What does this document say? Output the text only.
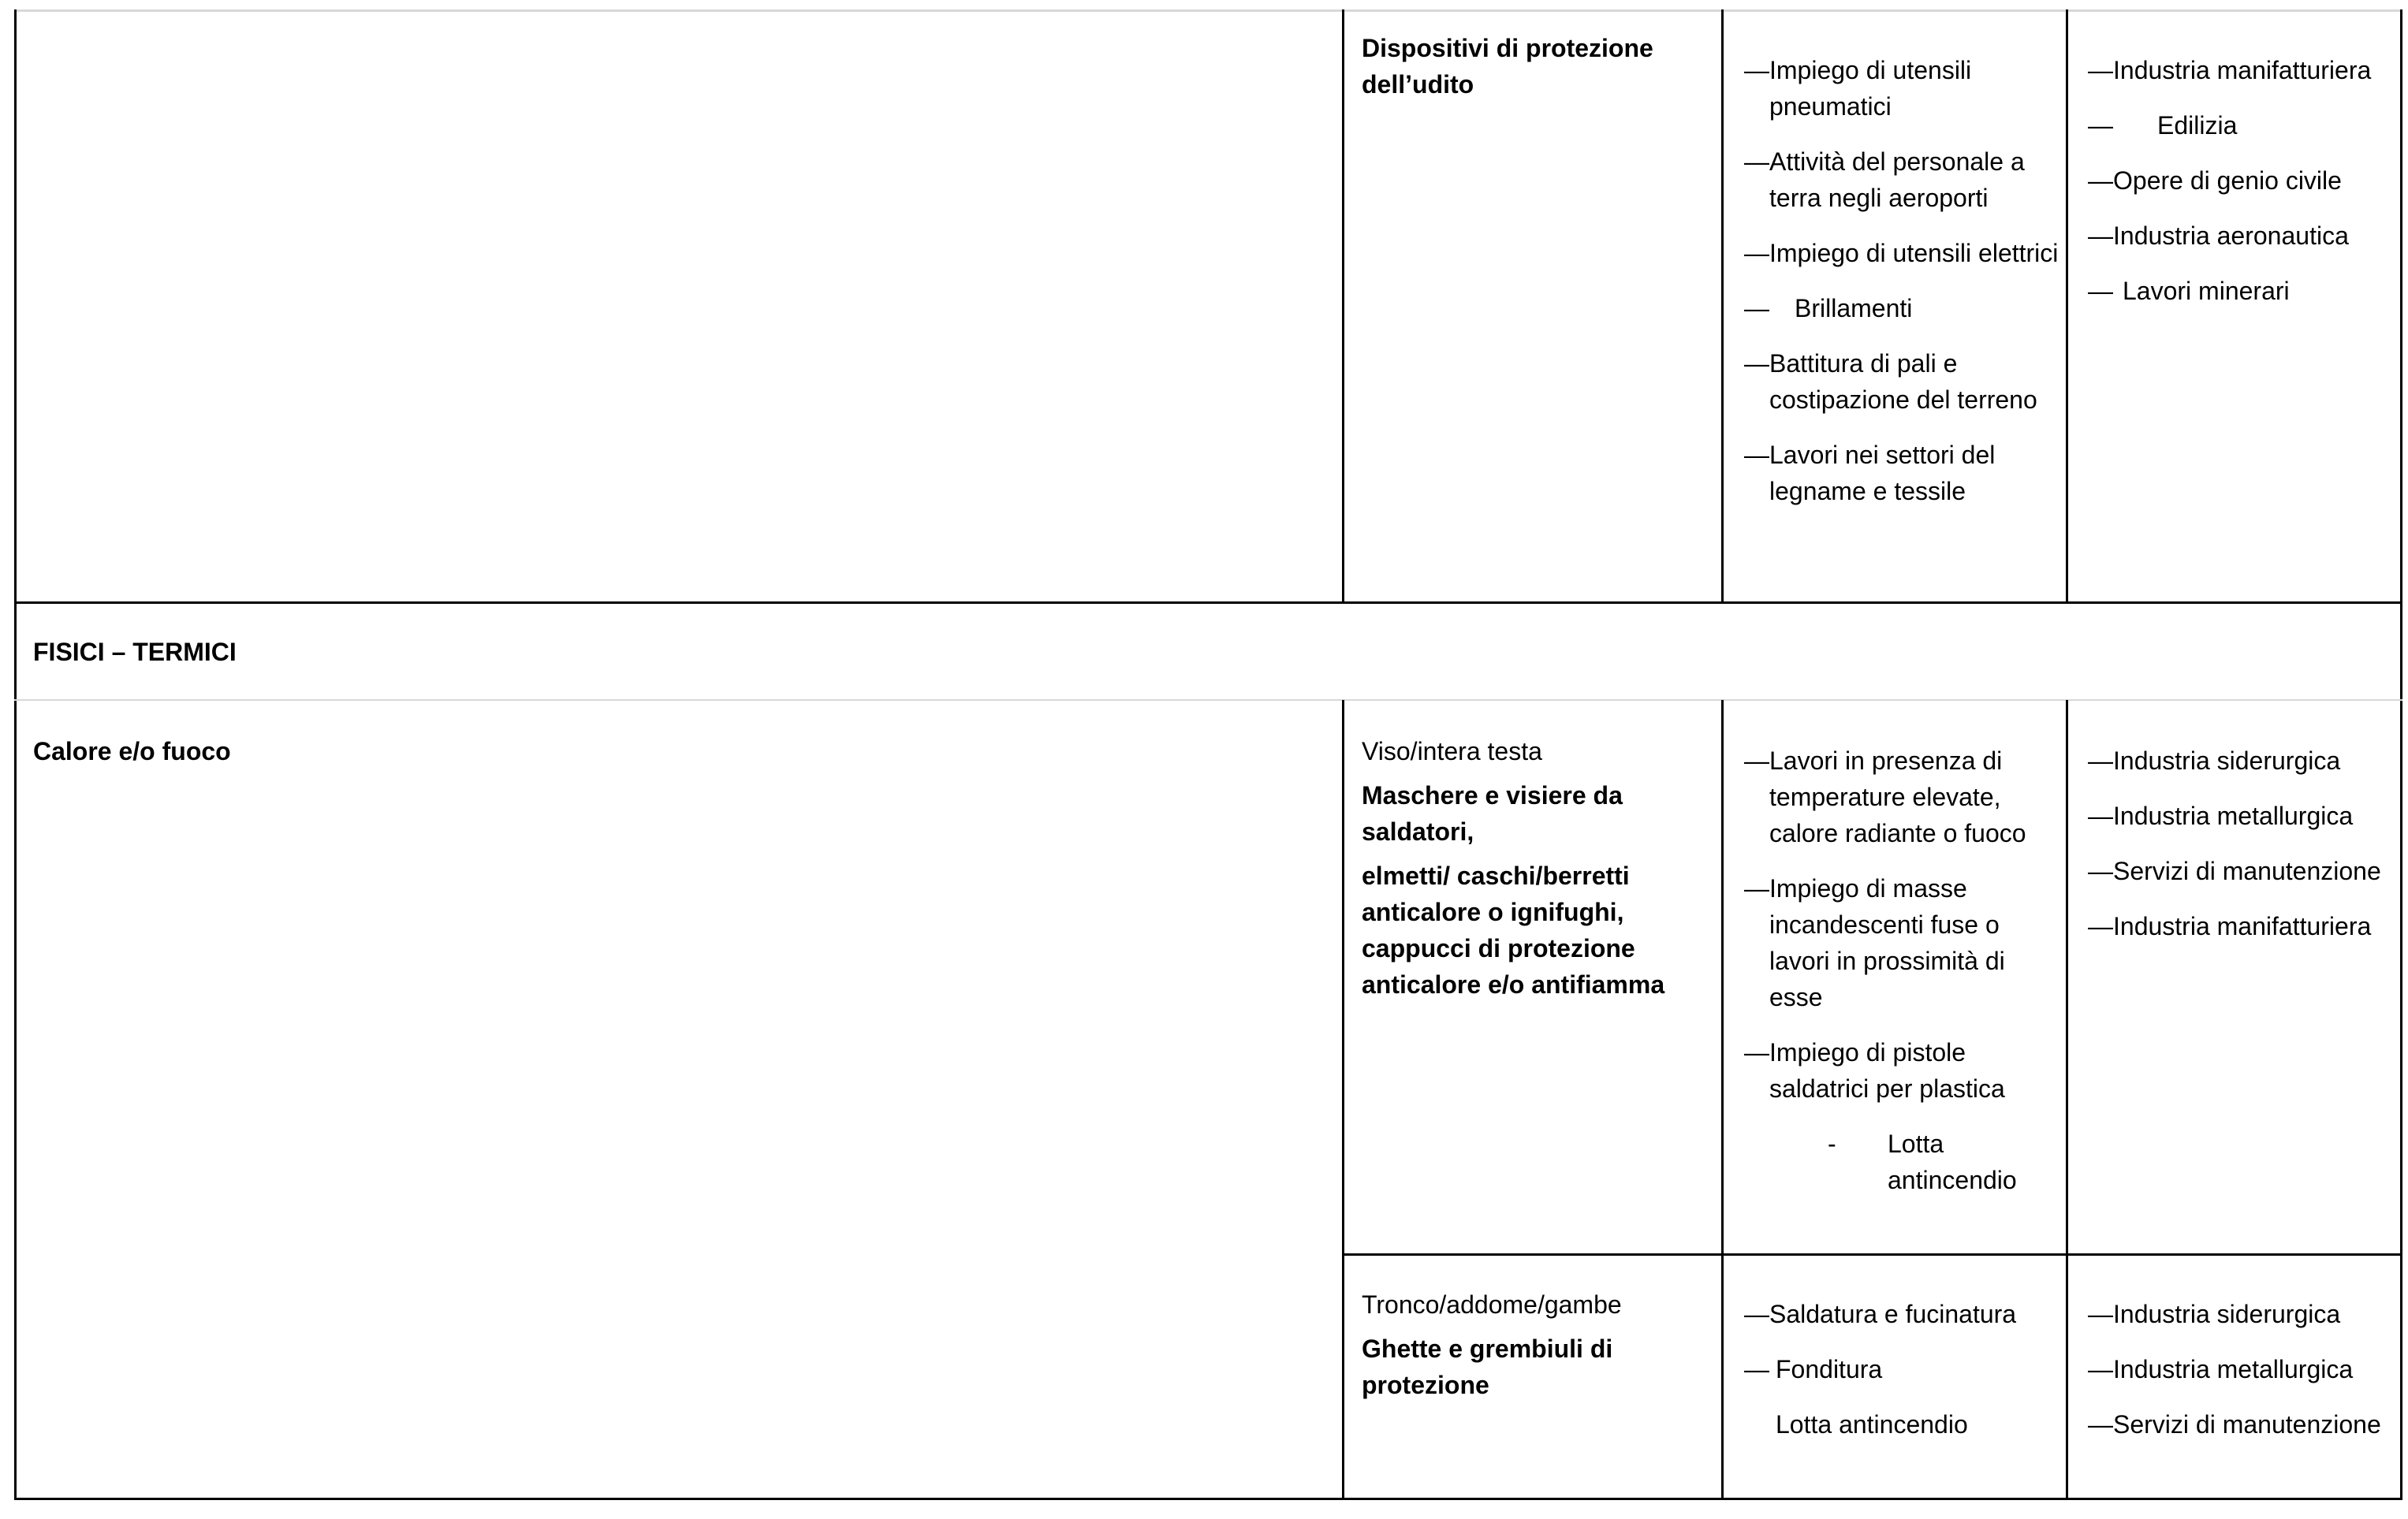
Dispositivi di protezione dell’udito	— Impiego di utensili pneumatici
— Attività del personale a terra negli aeroporti
— Impiego di utensili elettrici
— Brillamenti
— Battitura di pali e costipazione del terreno
— Lavori nei settori del legname e tessile
— Industria manifatturiera
— Edilizia
— Opere di genio civile
— Industria aeronautica
— Lavori minerari
FISICI – TERMICI
Calore e/o fuoco	Viso/intera testa
Maschere e visiere da saldatori,
elmetti/ caschi/berretti anticalore o ignifughi, cappucci di protezione anticalore e/o antifiamma
— Lavori in presenza di temperature elevate, calore radiante o fuoco
— Impiego di masse incandescenti fuse o lavori in prossimità di esse
— Impiego di pistole saldatrici per plastica
- Lotta antincendio
— Industria siderurgica
— Industria metallurgica
— Servizi di manutenzione
— Industria manifatturiera
Tronco/addome/gambe
Ghette e grembiuli di protezione
— Saldatura e fucinatura
— Fonditura
Lotta antincendio
— Industria siderurgica
— Industria metallurgica
— Servizi di manutenzione
